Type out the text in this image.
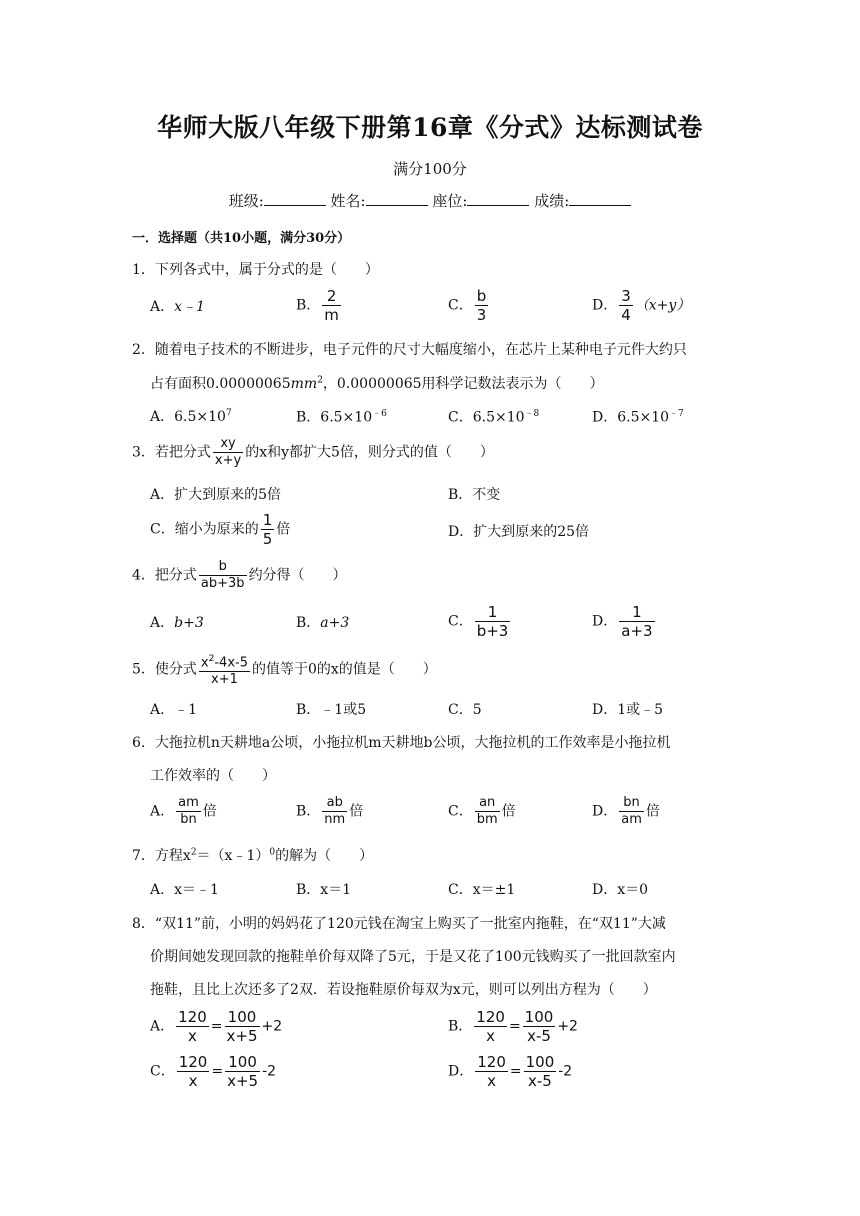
华师大版八年级下册第16章《分式》达标测试卷
满分100分
班级:	姓名:	座位:	成绩:
一．选择题（共10小题，满分30分）
1．下列各式中，属于分式的是（　　）
A．x﹣1	B． $\frac{2}{m}$	C． $\frac{b}{3}$	D． $\frac{3}{4} (x+y)$
2．随着电子技术的不断进步，电子元件的尺寸大幅度缩小，在芯片上某种电子元件大约只
占有面积$0.00000065mm^2$，0.00000065用科学记数法表示为（　　）
A．$6.5\times 10^7$	B．$6.5\times 10^{﹣6}$	C．$6.5\times 10^{﹣8}$	D．$6.5\times 10^{﹣7}$
3．若把分式 $\frac{xy}{x+y}$ 的x和y都扩大5倍，则分式的值（　　）
A．扩大到原来的5倍	B．不变
C．缩小为原来的 $\frac{1}{5}$ 倍	D．扩大到原来的25倍
4．把分式 $\frac{b}{ab+3b}$ 约分得（　　）
A．b+3	B．a+3	C． $\frac{1}{b+3}$	D． $\frac{1}{a+3}$
5．使分式 $\frac{x^2-4x-5}{x+1}$ 的值等于0的x的值是（　　）
A．﹣1	B．﹣1或5	C．5	D．1或﹣5
6．大拖拉机n天耕地a公顷，小拖拉机m天耕地b公顷，大拖拉机的工作效率是小拖拉机
工作效率的（　　）
A． $\frac{am}{bn}$ 倍	B． $\frac{ab}{nm}$ 倍	C． $\frac{an}{bm}$ 倍	D． $\frac{bn}{am}$ 倍
7．方程$x^2=(x﹣1)^0$的解为（　　）
A．x＝﹣1	B．x＝1	C．x＝±1	D．x＝0
8．“双11”前，小明的妈妈花了120元钱在淘宝上购买了一批室内拖鞋，在“双11”大减
价期间她发现回款的拖鞋单价每双降了5元，于是又花了100元钱购买了一批回款室内
拖鞋，且比上次还多了2双．若设拖鞋原价每双为x元，则可以列出方程为（　　）
A． $\frac{120}{x} = \frac{100}{x+5} +2$	B． $\frac{120}{x} = \frac{100}{x-5} +2$
C． $\frac{120}{x} = \frac{100}{x+5} -2$	D． $\frac{120}{x} = \frac{100}{x-5} -2$
